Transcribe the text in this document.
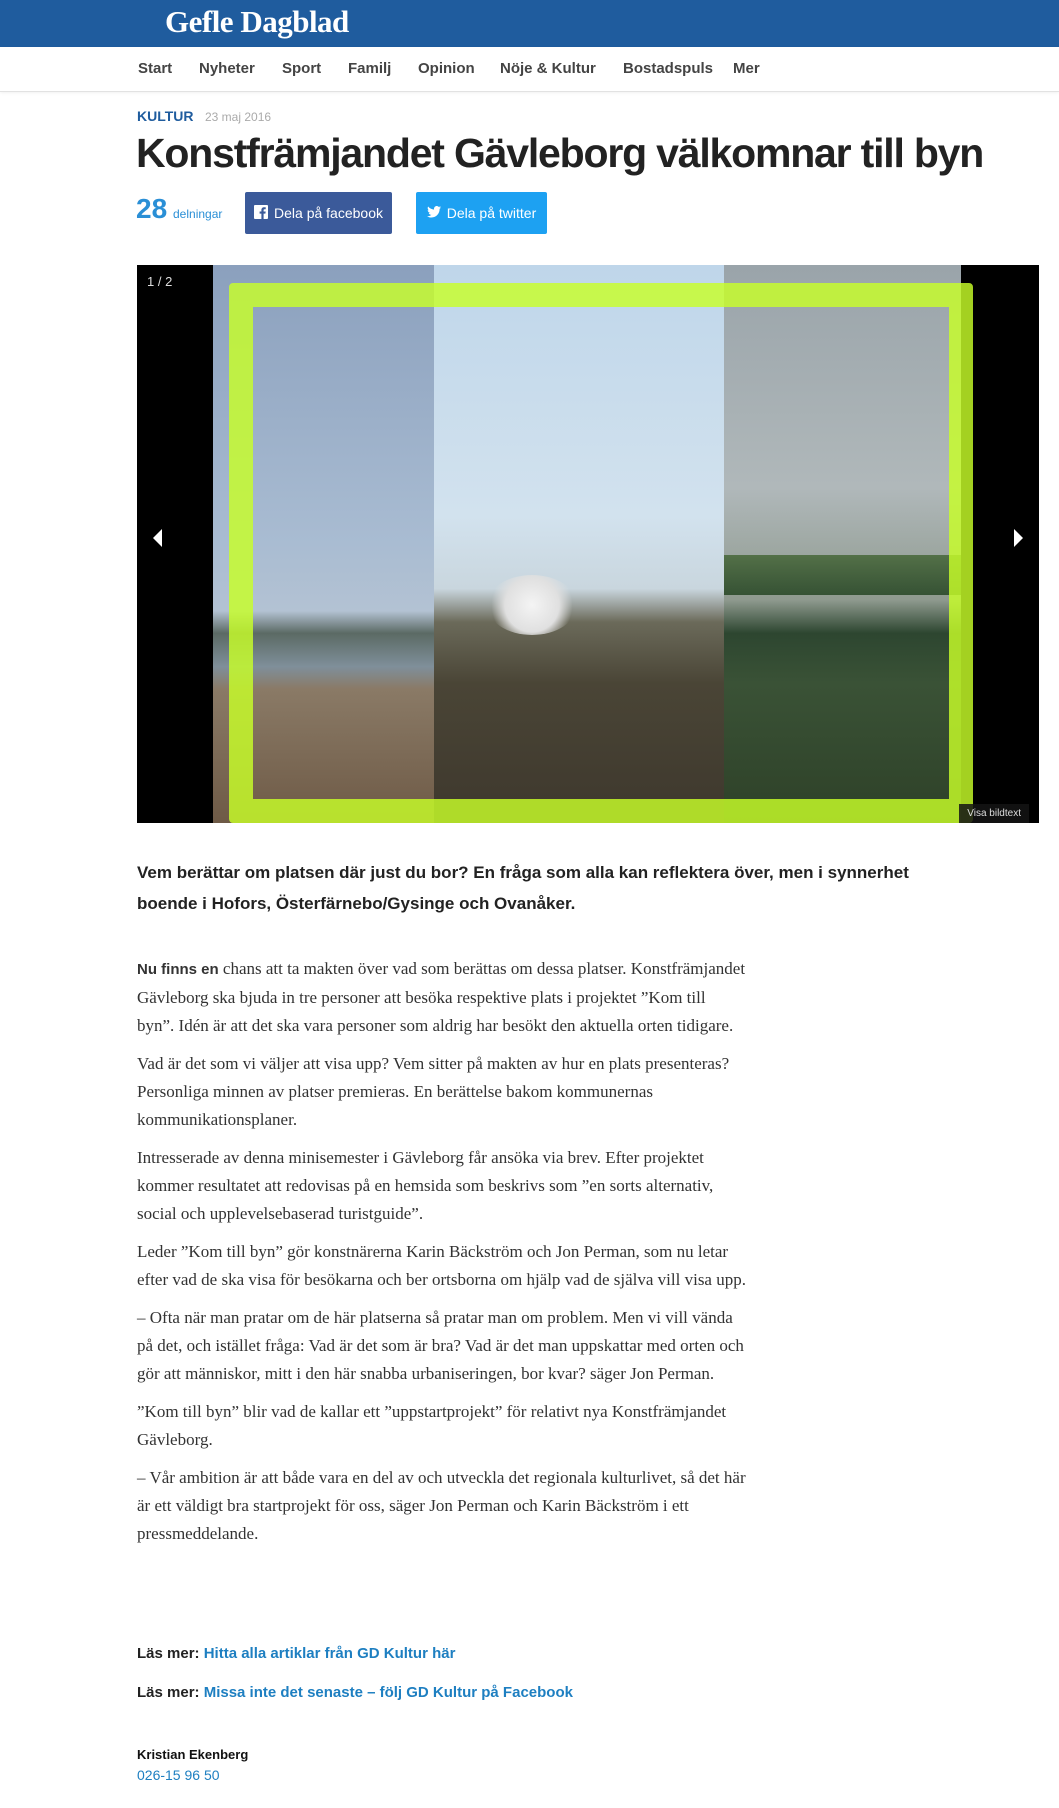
Gefle Dagblad
Start Nyheter Sport Familj Opinion Nöje & Kultur Bostadspuls Mer
KULTUR 23 maj 2016
Konstfrämjandet Gävleborg välkomnar till byn
28 delningar	Dela på facebook	Dela på twitter
1 / 2
Visa bildtext

Vem berättar om platsen där just du bor? En fråga som alla kan reflektera över, men i synnerhet boende i Hofors, Österfärnebo/Gysinge och Ovanåker.

Nu finns en chans att ta makten över vad som berättas om dessa platser. Konstfrämjandet Gävleborg ska bjuda in tre personer att besöka respektive plats i projektet ”Kom till byn”. Idén är att det ska vara personer som aldrig har besökt den aktuella orten tidigare.

Vad är det som vi väljer att visa upp? Vem sitter på makten av hur en plats presenteras? Personliga minnen av platser premieras. En berättelse bakom kommunernas kommunikationsplaner.

Intresserade av denna minisemester i Gävleborg får ansöka via brev. Efter projektet kommer resultatet att redovisas på en hemsida som beskrivs som ”en sorts alternativ, social och upplevelsebaserad turistguide”.

Leder ”Kom till byn” gör konstnärerna Karin Bäckström och Jon Perman, som nu letar efter vad de ska visa för besökarna och ber ortsborna om hjälp vad de själva vill visa upp.

– Ofta när man pratar om de här platserna så pratar man om problem. Men vi vill vända på det, och istället fråga: Vad är det som är bra? Vad är det man uppskattar med orten och gör att människor, mitt i den här snabba urbaniseringen, bor kvar? säger Jon Perman.

”Kom till byn” blir vad de kallar ett ”uppstartprojekt” för relativt nya Konstfrämjandet Gävleborg.

– Vår ambition är att både vara en del av och utveckla det regionala kulturlivet, så det här är ett väldigt bra startprojekt för oss, säger Jon Perman och Karin Bäckström i ett pressmeddelande.

Läs mer: Hitta alla artiklar från GD Kultur här
Läs mer: Missa inte det senaste – följ GD Kultur på Facebook
Kristian Ekenberg
026-15 96 50
